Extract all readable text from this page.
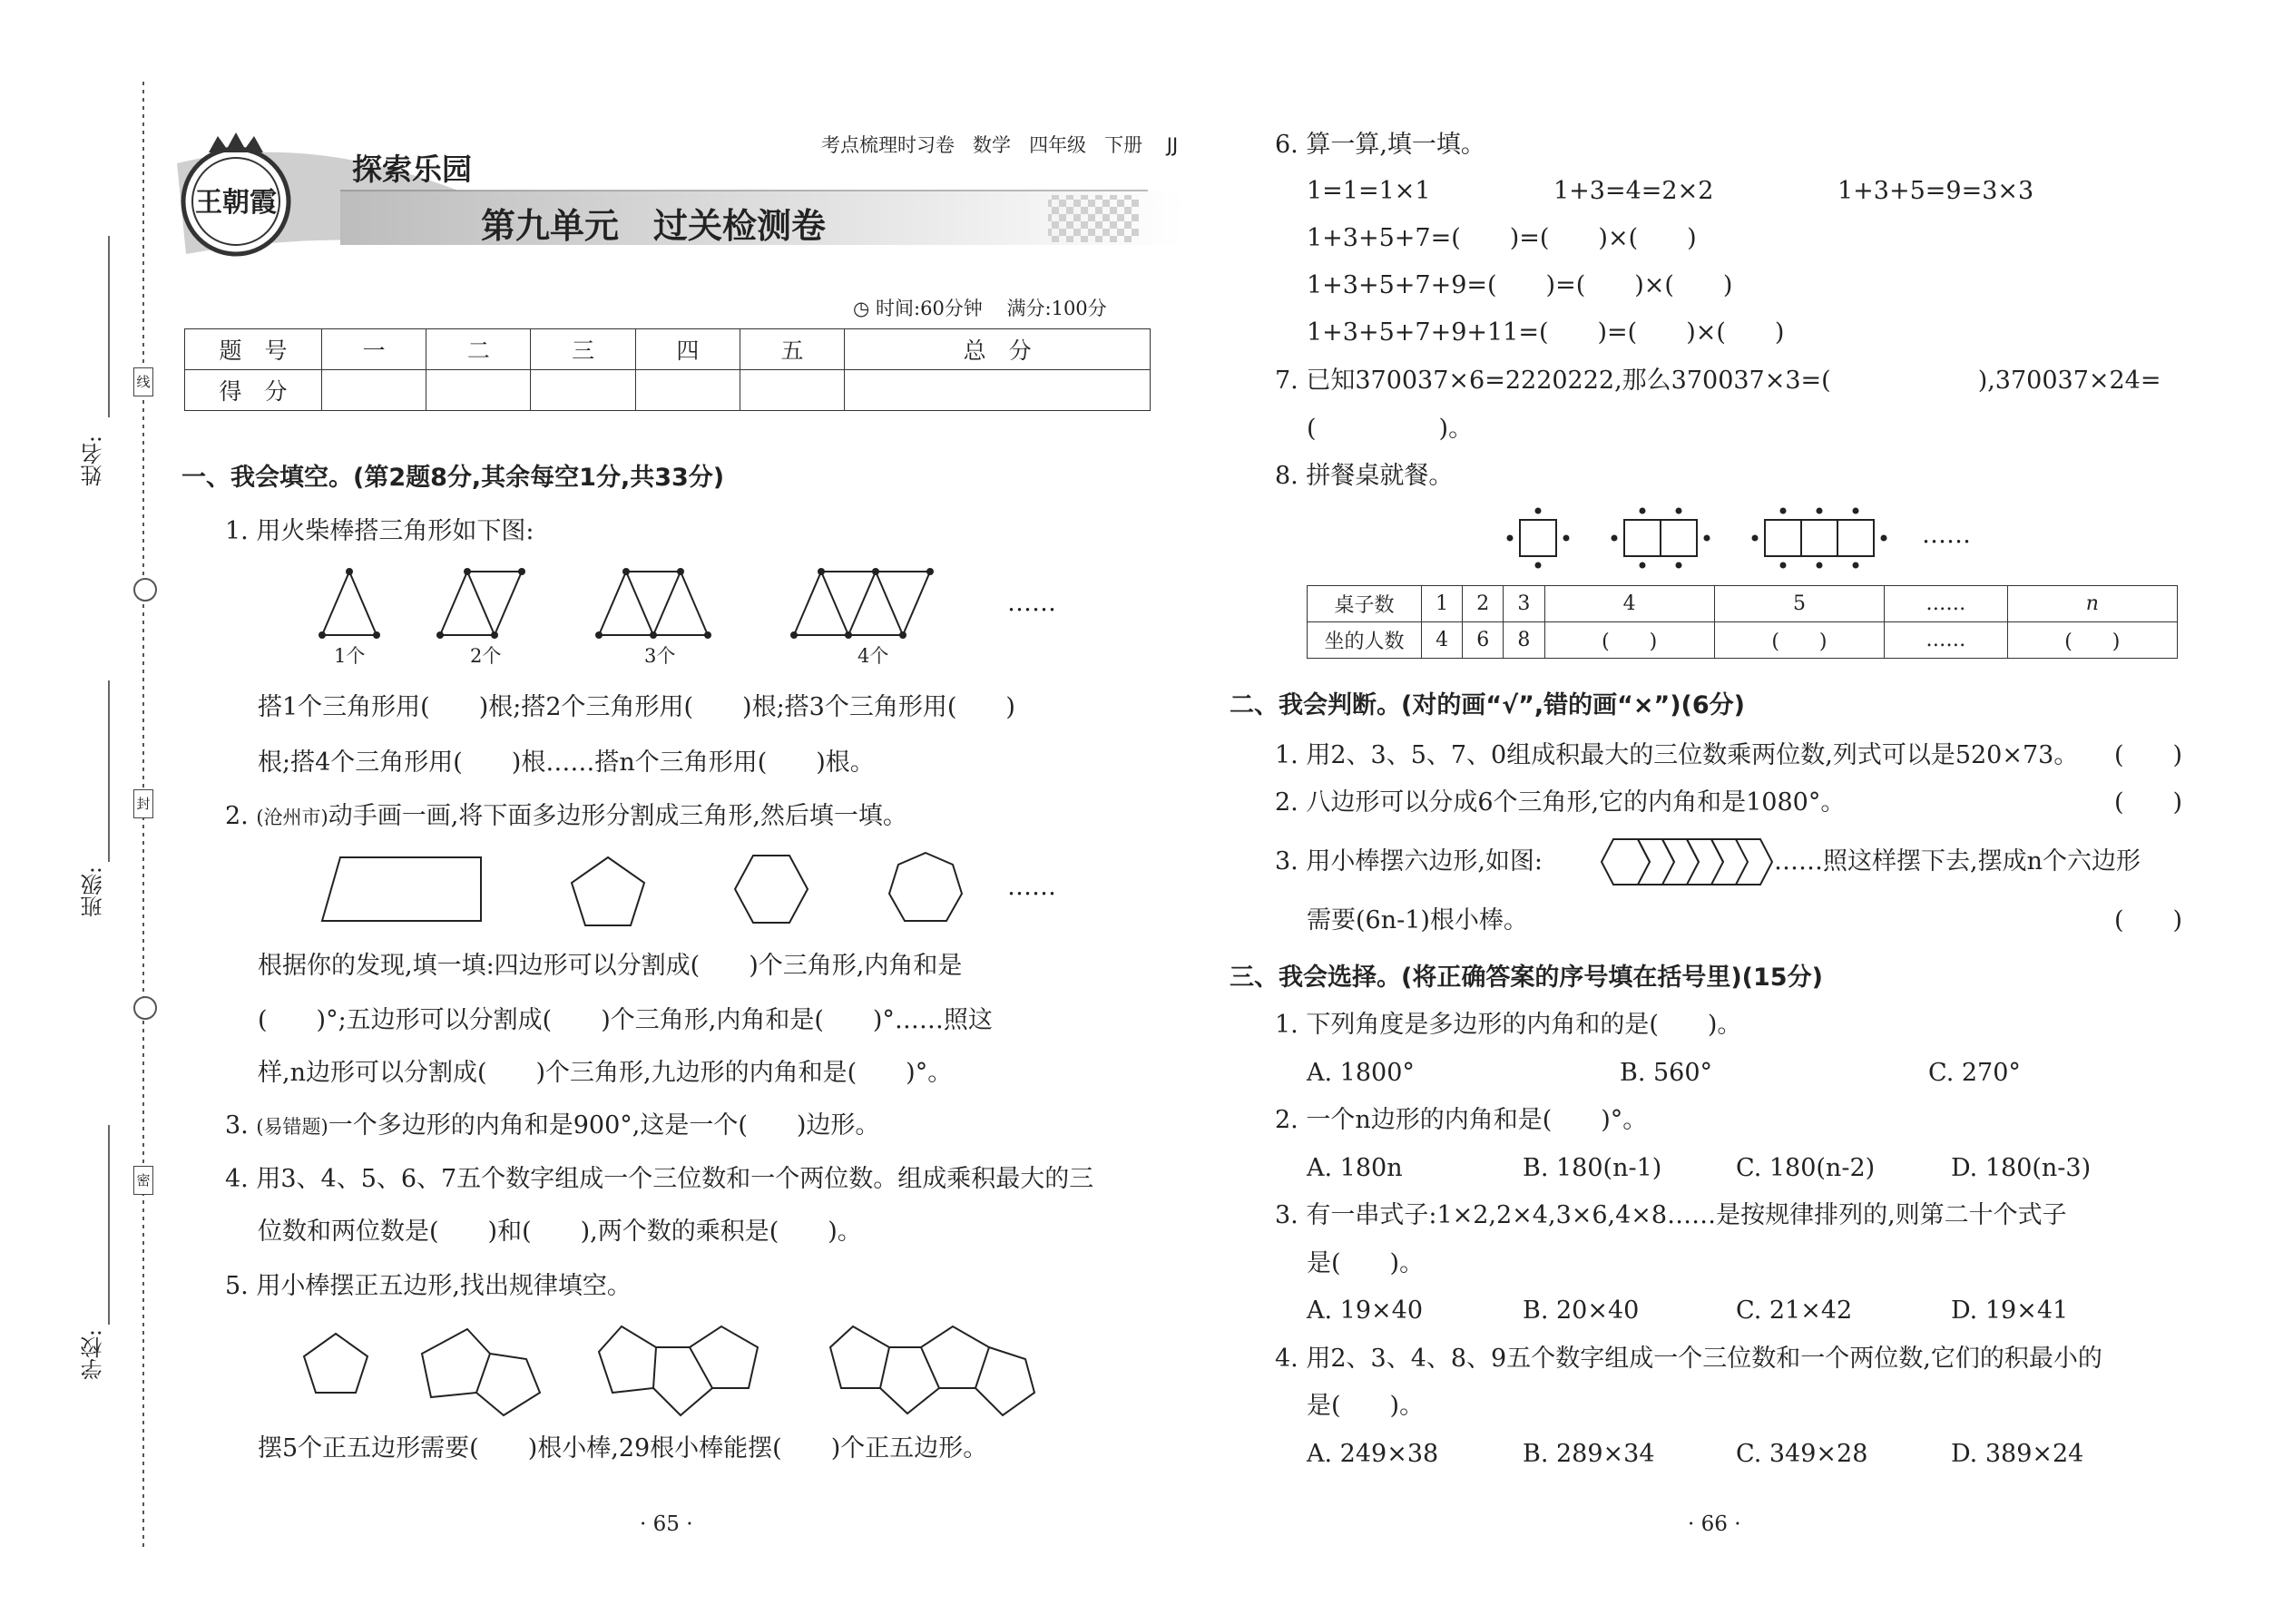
线
封
密
姓名:
班级:
学校:
王朝霞
探索乐园
第九单元　过关检测卷
考点梳理时习卷 数学 四年级 下册 JJ
◷ 时间:60分钟 满分:100分
题　号	一	二	三	四	五	总　分
得　分						
一、我会填空。(第2题8分,其余每空1分,共33分)
1. 用火柴棒搭三角形如下图:
1个	2个	3个	4个
……
搭1个三角形用(　　)根;搭2个三角形用(　　)根;搭3个三角形用(　　)
根;搭4个三角形用(　　)根……搭n个三角形用(　　)根。
2. (沧州市)动手画一画,将下面多边形分割成三角形,然后填一填。
……
根据你的发现,填一填:四边形可以分割成(　　)个三角形,内角和是
(　　)°;五边形可以分割成(　　)个三角形,内角和是(　　)°……照这
样,n边形可以分割成(　　)个三角形,九边形的内角和是(　　)°。
3. (易错题)一个多边形的内角和是900°,这是一个(　　)边形。
4. 用3、4、5、6、7五个数字组成一个三位数和一个两位数。组成乘积最大的三
位数和两位数是(　　)和(　　),两个数的乘积是(　　)。
5. 用小棒摆正五边形,找出规律填空。
摆5个正五边形需要(　　)根小棒,29根小棒能摆(　　)个正五边形。
· 65 ·
6. 算一算,填一填。
1=1=1×1	1+3=4=2×2	1+3+5=9=3×3
1+3+5+7=(　　)=(　　)×(　　)
1+3+5+7+9=(　　)=(　　)×(　　)
1+3+5+7+9+11=(　　)=(　　)×(　　)
7. 已知370037×6=2220222,那么370037×3=(　　　　　　),370037×24=
(　　　　　)。
8. 拼餐桌就餐。
……
桌子数	1	2	3	4	5	……	n
坐的人数	4	6	8	(　　)	(　　)	……	(　　)
二、我会判断。(对的画“√”,错的画“×”)(6分)
1. 用2、3、5、7、0组成积最大的三位数乘两位数,列式可以是520×73。 (　　)
2. 八边形可以分成6个三角形,它的内角和是1080°。	(　　)
3. 用小棒摆六边形,如图:	……照这样摆下去,摆成n个六边形
需要(6n-1)根小棒。	(　　)
三、我会选择。(将正确答案的序号填在括号里)(15分)
1. 下列角度是多边形的内角和的是(　　)。
A. 1800°	B. 560°	C. 270°
2. 一个n边形的内角和是(　　)°。
A. 180n	B. 180(n-1)	C. 180(n-2)	D. 180(n-3)
3. 有一串式子:1×2,2×4,3×6,4×8……是按规律排列的,则第二十个式子
是(　　)。
A. 19×40	B. 20×40	C. 21×42	D. 19×41
4. 用2、3、4、8、9五个数字组成一个三位数和一个两位数,它们的积最小的
是(　　)。
A. 249×38	B. 289×34	C. 349×28	D. 389×24
· 66 ·
